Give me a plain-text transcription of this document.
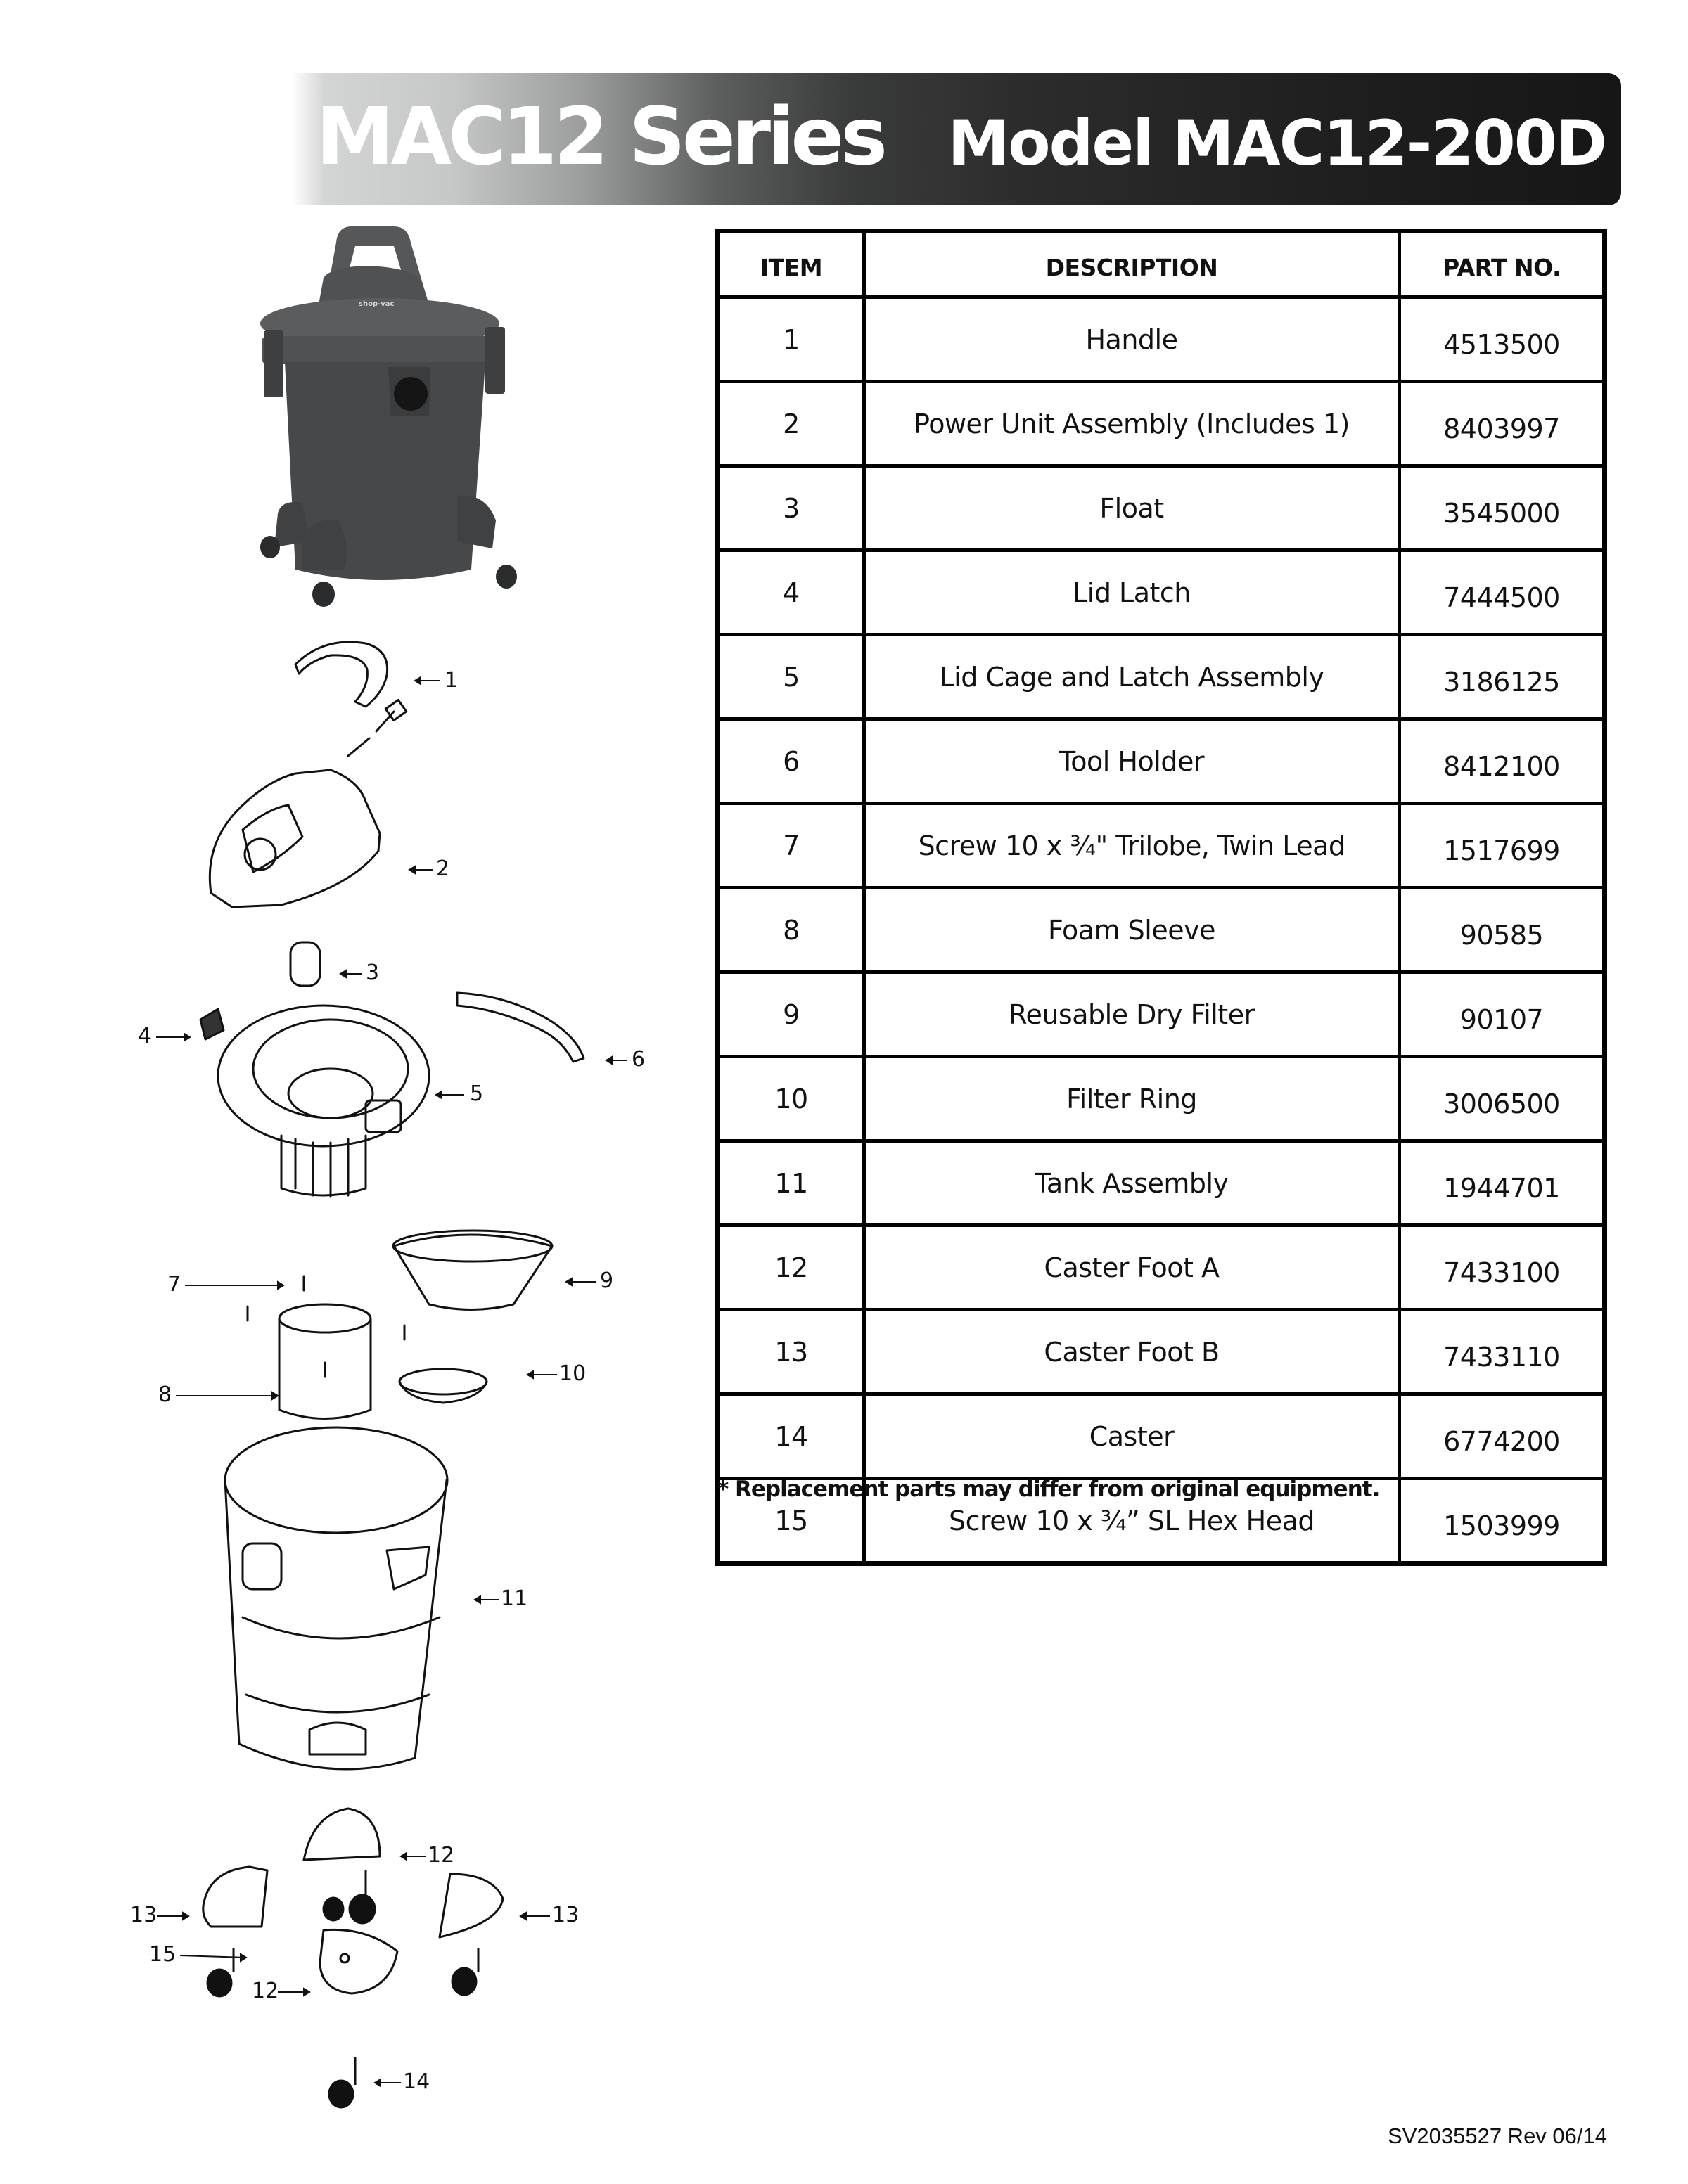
MAC12 Series Model MAC12-200D
shop-vac
1
2
3
4
5
6
7
8
9
10
11
12
13	13
15
12
14
ITEM	DESCRIPTION	PART NO.
1	Handle	4513500
2	Power Unit Assembly (Includes 1)	8403997
3	Float	3545000
4	Lid Latch	7444500
5	Lid Cage and Latch Assembly	3186125
6	Tool Holder	8412100
7	Screw 10 x ¾" Trilobe, Twin Lead	1517699
8	Foam Sleeve	90585
9	Reusable Dry Filter	90107
10	Filter Ring	3006500
11	Tank Assembly	1944701
12	Caster Foot A	7433100
13	Caster Foot B	7433110
14	Caster	6774200
15	Screw 10 x ¾” SL Hex Head	1503999
* Replacement parts may differ from original equipment.
SV2035527 Rev 06/14
